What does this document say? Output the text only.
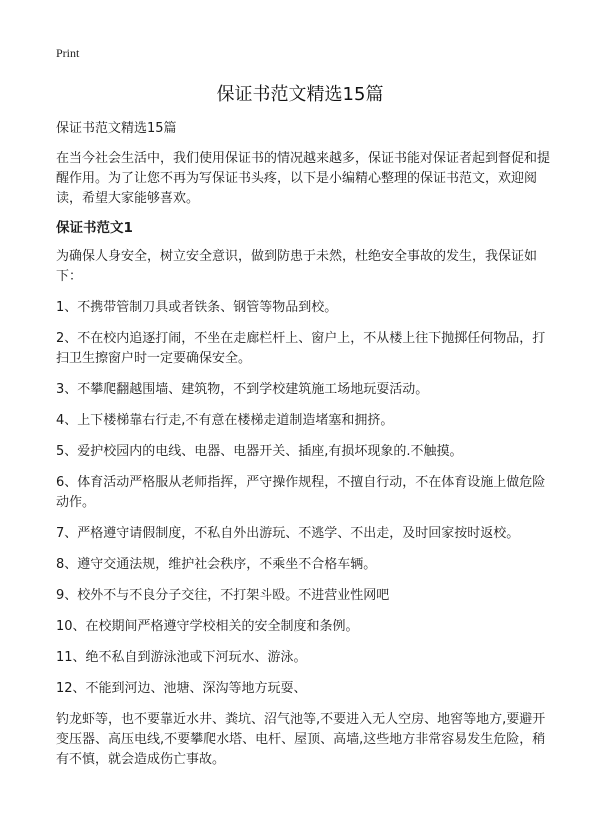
Print
保证书范文精选15篇

保证书范文精选15篇

在当今社会生活中，我们使用保证书的情况越来越多，保证书能对保证者起到督促和提醒作用。为了让您不再为写保证书头疼，以下是小编精心整理的保证书范文，欢迎阅读，希望大家能够喜欢。

保证书范文1

为确保人身安全，树立安全意识，做到防患于未然，杜绝安全事故的发生，我保证如下：

1、不携带管制刀具或者铁条、钢管等物品到校。

2、不在校内追逐打闹，不坐在走廊栏杆上、窗户上，不从楼上往下抛掷任何物品，打扫卫生擦窗户时一定要确保安全。

3、不攀爬翻越围墙、建筑物，不到学校建筑施工场地玩耍活动。

4、上下楼梯靠右行走,不有意在楼梯走道制造堵塞和拥挤。

5、爱护校园内的电线、电器、电器开关、插座,有损坏现象的.不触摸。

6、体育活动严格服从老师指挥，严守操作规程，不擅自行动，不在体育设施上做危险动作。

7、严格遵守请假制度，不私自外出游玩、不逃学、不出走，及时回家按时返校。

8、遵守交通法规，维护社会秩序，不乘坐不合格车辆。

9、校外不与不良分子交往，不打架斗殴。不进营业性网吧

10、在校期间严格遵守学校相关的安全制度和条例。

11、绝不私自到游泳池或下河玩水、游泳。

12、不能到河边、池塘、深沟等地方玩耍、

钓龙虾等，也不要靠近水井、粪坑、沼气池等,不要进入无人空房、地窖等地方,要避开变压器、高压电线,不要攀爬水塔、电杆、屋顶、高墙,这些地方非常容易发生危险，稍有不慎，就会造成伤亡事故。
